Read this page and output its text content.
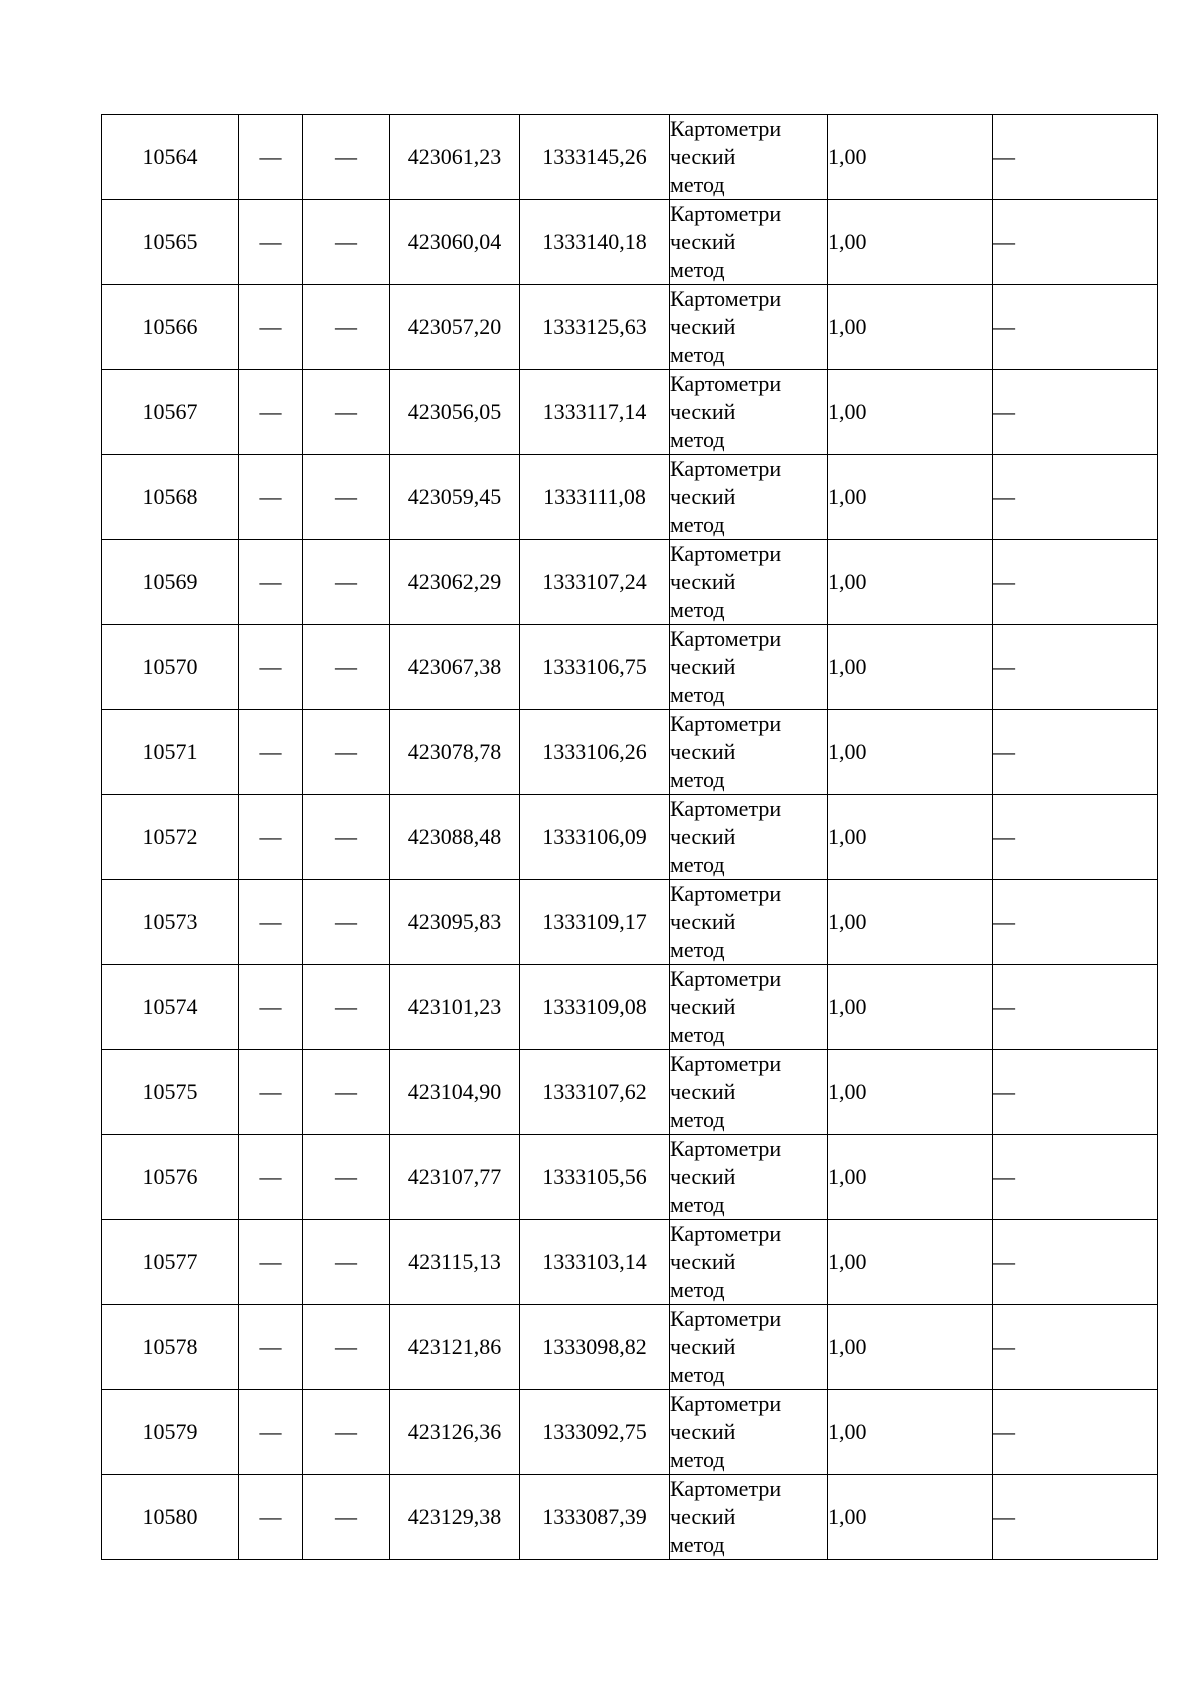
10564	—	—	423061,23	1333145,26	Картометри
ческий
метод	1,00	—
10565	—	—	423060,04	1333140,18	Картометри
ческий
метод	1,00	—
10566	—	—	423057,20	1333125,63	Картометри
ческий
метод	1,00	—
10567	—	—	423056,05	1333117,14	Картометри
ческий
метод	1,00	—
10568	—	—	423059,45	1333111,08	Картометри
ческий
метод	1,00	—
10569	—	—	423062,29	1333107,24	Картометри
ческий
метод	1,00	—
10570	—	—	423067,38	1333106,75	Картометри
ческий
метод	1,00	—
10571	—	—	423078,78	1333106,26	Картометри
ческий
метод	1,00	—
10572	—	—	423088,48	1333106,09	Картометри
ческий
метод	1,00	—
10573	—	—	423095,83	1333109,17	Картометри
ческий
метод	1,00	—
10574	—	—	423101,23	1333109,08	Картометри
ческий
метод	1,00	—
10575	—	—	423104,90	1333107,62	Картометри
ческий
метод	1,00	—
10576	—	—	423107,77	1333105,56	Картометри
ческий
метод	1,00	—
10577	—	—	423115,13	1333103,14	Картометри
ческий
метод	1,00	—
10578	—	—	423121,86	1333098,82	Картометри
ческий
метод	1,00	—
10579	—	—	423126,36	1333092,75	Картометри
ческий
метод	1,00	—
10580	—	—	423129,38	1333087,39	Картометри
ческий
метод	1,00	—
